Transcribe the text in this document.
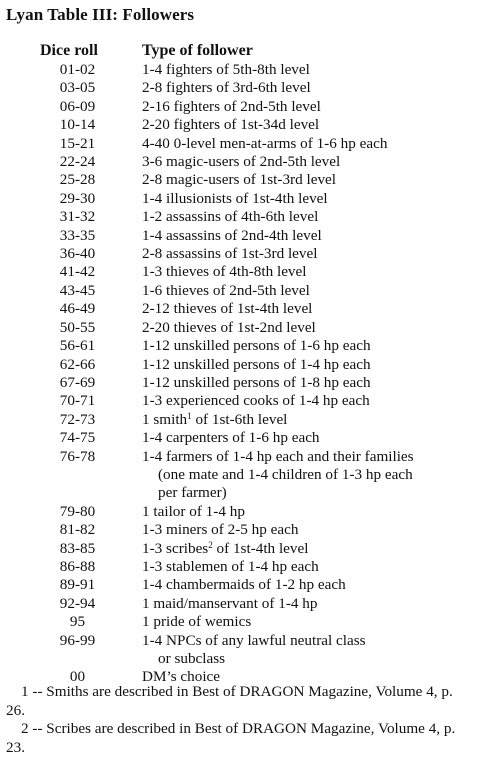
Lyan Table III: Followers
Dice roll	Type of follower
01-02	1-4 fighters of 5th-8th level
03-05	2-8 fighters of 3rd-6th level
06-09	2-16 fighters of 2nd-5th level
10-14	2-20 fighters of 1st-34d level
15-21	4-40 0-level men-at-arms of 1-6 hp each
22-24	3-6 magic-users of 2nd-5th level
25-28	2-8 magic-users of 1st-3rd level
29-30	1-4 illusionists of 1st-4th level
31-32	1-2 assassins of 4th-6th level
33-35	1-4 assassins of 2nd-4th level
36-40	2-8 assassins of 1st-3rd level
41-42	1-3 thieves of 4th-8th level
43-45	1-6 thieves of 2nd-5th level
46-49	2-12 thieves of 1st-4th level
50-55	2-20 thieves of 1st-2nd level
56-61	1-12 unskilled persons of 1-6 hp each
62-66	1-12 unskilled persons of 1-4 hp each
67-69	1-12 unskilled persons of 1-8 hp each
70-71	1-3 experienced cooks of 1-4 hp each
72-73	1 smith$^1$ of 1st-6th level
74-75	1-4 carpenters of 1-6 hp each
76-78	1-4 farmers of 1-4 hp each and their families
(one mate and 1-4 children of 1-3 hp each
per farmer)
79-80	1 tailor of 1-4 hp
81-82	1-3 miners of 2-5 hp each
83-85	1-3 scribes$^2$ of 1st-4th level
86-88	1-3 stablemen of 1-4 hp each
89-91	1-4 chambermaids of 1-2 hp each
92-94	1 maid/manservant of 1-4 hp
95	1 pride of wemics
96-99	1-4 NPCs of any lawful neutral class
or subclass
00	DM’s choice
1 -- Smiths are described in Best of DRAGON Magazine, Volume 4, p. 26.
2 -- Scribes are described in Best of DRAGON Magazine, Volume 4, p. 23.
